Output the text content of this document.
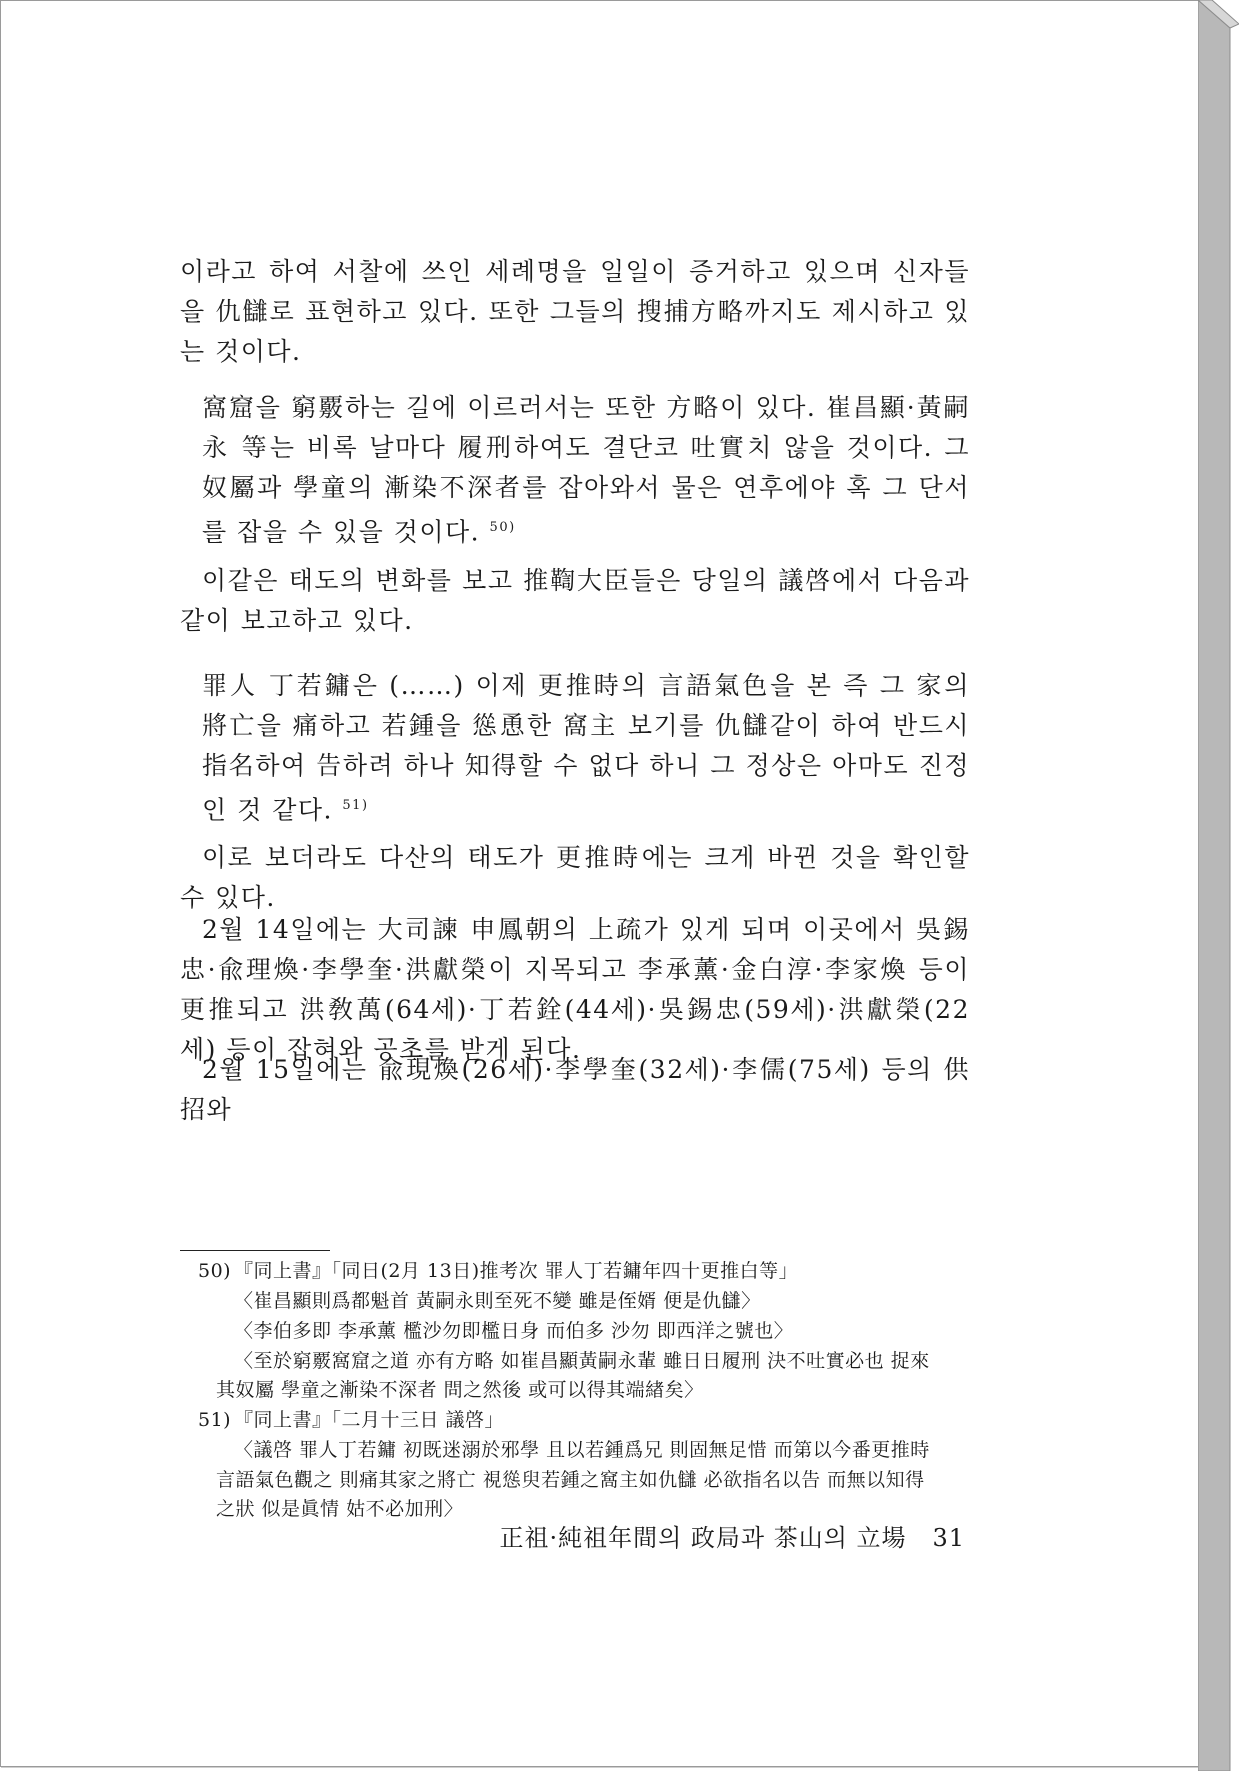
이라고 하여 서찰에 쓰인 세례명을 일일이 증거하고 있으며 신자들을 仇讎로 표현하고 있다. 또한 그들의 搜捕方略까지도 제시하고 있는 것이다.

窩窟을 窮覈하는 길에 이르러서는 또한 方略이 있다. 崔昌顯·黃嗣永 等는 비록 날마다 履刑하여도 결단코 吐實치 않을 것이다. 그 奴屬과 學童의 漸染不深者를 잡아와서 물은 연후에야 혹 그 단서를 잡을 수 있을 것이다. $^{50)}$

이같은 태도의 변화를 보고 推鞫大臣들은 당일의 議啓에서 다음과 같이 보고하고 있다.

罪人 丁若鏞은 (……) 이제 更推時의 言語氣色을 본 즉 그 家의 將亡을 痛하고 若鍾을 慫恿한 窩主 보기를 仇讎같이 하여 반드시 指名하여 告하려 하나 知得할 수 없다 하니 그 정상은 아마도 진정인 것 같다. $^{51)}$

이로 보더라도 다산의 태도가 更推時에는 크게 바뀐 것을 확인할 수 있다.

2월 14일에는 大司諫 申鳳朝의 上疏가 있게 되며 이곳에서 吳錫忠·兪理煥·李學奎·洪獻榮이 지목되고 李承薰·金白淳·李家煥 등이 更推되고 洪敎萬(64세)·丁若銓(44세)·吳錫忠(59세)·洪獻榮(22세) 등이 잡혀와 공초를 받게 된다.

2월 15일에는 兪現煥(26세)·李學奎(32세)·李儒(75세) 등의 供招와

50) 『同上書』「同日(2月 13日)推考次 罪人丁若鏞年四十更推白等」

〈崔昌顯則爲都魁首 黃嗣永則至死不變 雖是侄婿 便是仇讎〉

〈李伯多即 李承薰 檻沙勿即檻日身 而伯多 沙勿 即西洋之號也〉

〈至於窮覈窩窟之道 亦有方略 如崔昌顯黃嗣永輩 雖日日履刑 決不吐實必也 捉來

其奴屬 學童之漸染不深者 問之然後 或可以得其端緖矣〉

51) 『同上書』「二月十三日 議啓」

〈議啓 罪人丁若鏞 初既迷溺於邪學 且以若鍾爲兄 則固無足惜 而第以今番更推時

言語氣色觀之 則痛其家之將亡 視慫臾若鍾之窩主如仇讎 必欲指名以告 而無以知得

之狀 似是眞情 姑不必加刑〉

正祖·純祖年間의 政局과 茶山의 立場 31
